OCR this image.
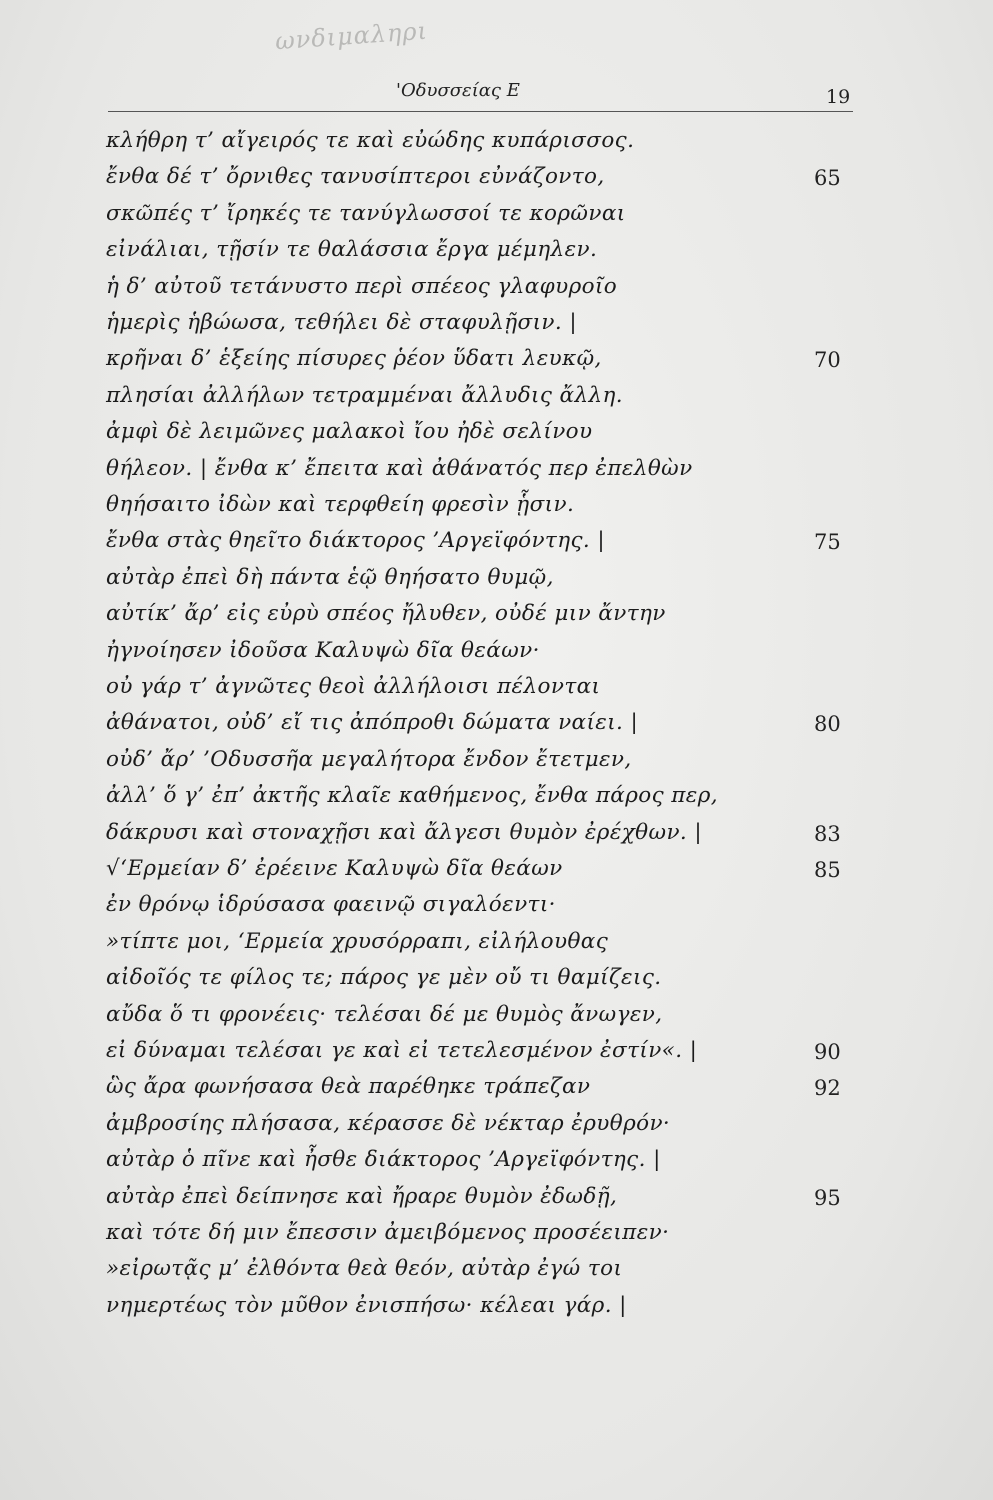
ωνδιμαληρι
'Οδυσσείας Ε	19
κλήθρη τ’ αἴγειρός τε καὶ εὐώδης κυπάρισσος.
ἔνθα δέ τ’ ὄρνιθες τανυσίπτεροι εὐνάζοντο,	65
σκῶπές τ’ ἴρηκές τε τανύγλωσσοί τε κορῶναι
εἰνάλιαι, τῇσίν τε θαλάσσια ἔργα μέμηλεν.
ἡ δ’ αὐτοῦ τετάνυστο περὶ σπέεος γλαφυροῖο
ἡμερὶς ἡβώωσα, τεθήλει δὲ σταφυλῇσιν. |
κρῆναι δ’ ἑξείης πίσυρες ῥέον ὕδατι λευκῷ,	70
πλησίαι ἀλλήλων τετραμμέναι ἄλλυδις ἄλλη.
ἀμφὶ δὲ λειμῶνες μαλακοὶ ἴου ἠδὲ σελίνου
θήλεον. | ἔνθα κ’ ἔπειτα καὶ ἀθάνατός περ ἐπελθὼν
θηήσαιτο ἰδὼν καὶ τερφθείη φρεσὶν ᾗσιν.
ἔνθα στὰς θηεῖτο διάκτορος ’Αργεϊφόντης. |	75
αὐτὰρ ἐπεὶ δὴ πάντα ἑῷ θηήσατο θυμῷ,
αὐτίκ’ ἄρ’ εἰς εὐρὺ σπέος ἤλυθεν, οὐδέ μιν ἄντην
ἠγνοίησεν ἰδοῦσα Καλυψὼ δῖα θεάων·
οὐ γάρ τ’ ἀγνῶτες θεοὶ ἀλλήλοισι πέλονται
ἀθάνατοι, οὐδ’ εἴ τις ἀπόπροθι δώματα ναίει. |	80
οὐδ’ ἄρ’ ’Οδυσσῆα μεγαλήτορα ἔνδον ἔτετμεν,
ἀλλ’ ὅ γ’ ἐπ’ ἀκτῆς κλαῖε καθήμενος, ἔνθα πάρος περ,
δάκρυσι καὶ στοναχῇσι καὶ ἄλγεσι θυμὸν ἐρέχθων. |	83
√‘Ερμείαν δ’ ἐρέεινε Καλυψὼ δῖα θεάων	85
ἐν θρόνῳ ἱδρύσασα φαεινῷ σιγαλόεντι·
»τίπτε μοι, ‘Ερμεία χρυσόρραπι, εἰλήλουθας
αἰδοῖός τε φίλος τε; πάρος γε μὲν οὔ τι θαμίζεις.
αὔδα ὅ τι φρονέεις· τελέσαι δέ με θυμὸς ἄνωγεν,
εἰ δύναμαι τελέσαι γε καὶ εἰ τετελεσμένον ἐστίν«. |	90
ὣς ἄρα φωνήσασα θεὰ παρέθηκε τράπεζαν	92
ἀμβροσίης πλήσασα, κέρασσε δὲ νέκταρ ἐρυθρόν·
αὐτὰρ ὁ πῖνε καὶ ἦσθε διάκτορος ’Αργεϊφόντης. |
αὐτὰρ ἐπεὶ δείπνησε καὶ ἤραρε θυμὸν ἐδωδῇ,	95
καὶ τότε δή μιν ἔπεσσιν ἀμειβόμενος προσέειπεν·
»εἰρωτᾷς μ’ ἐλθόντα θεὰ θεόν, αὐτὰρ ἐγώ τοι
νημερτέως τὸν μῦθον ἐνισπήσω· κέλεαι γάρ. |
